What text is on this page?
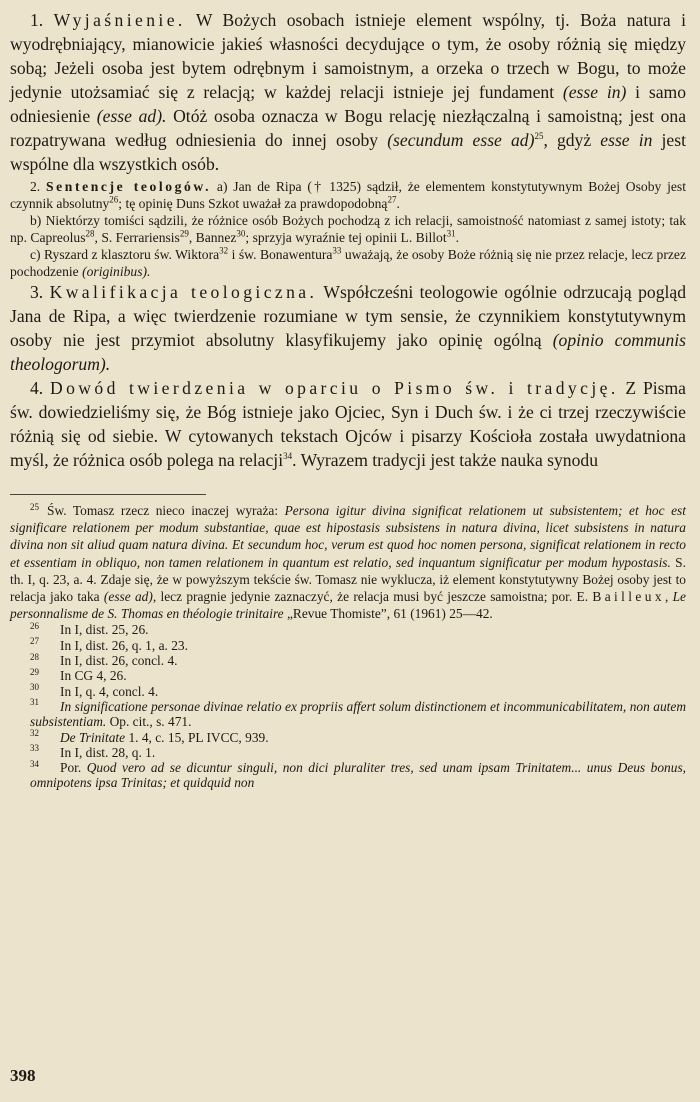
1. Wyjaśnienie. W Bożych osobach istnieje element wspólny, tj. Boża natura i wyodrębniający, mianowicie jakieś własności decydujące o tym, że osoby różnią się między sobą; Jeżeli osoba jest bytem odrębnym i samoistnym, a orzeka o trzech w Bogu, to może jedynie utożsamiać się z relacją; w każdej relacji istnieje jej fundament (esse in) i samo odniesienie (esse ad). Otóż osoba oznacza w Bogu relację niezłączalną i samoistną; jest ona rozpatrywana według odniesienia do innej osoby (secundum esse ad)$^{25}$, gdyż esse in jest wspólne dla wszystkich osób.

2. Sentencje teologów. a) Jan de Ripa († 1325) sądził, że elementem konstytutywnym Bożej Osoby jest czynnik absolutny$^{26}$; tę opinię Duns Szkot uważał za prawdopodobną$^{27}$.

b) Niektórzy tomiści sądzili, że różnice osób Bożych pochodzą z ich relacji, samoistność natomiast z samej istoty; tak np. Capreolus$^{28}$, S. Ferrariensis$^{29}$, Bannez$^{30}$; sprzyja wyraźnie tej opinii L. Billot$^{31}$.

c) Ryszard z klasztoru św. Wiktora$^{32}$ i św. Bonawentura$^{33}$ uważają, że osoby Boże różnią się nie przez relacje, lecz przez pochodzenie (originibus).

3. Kwalifikacja teologiczna. Współcześni teologowie ogólnie odrzucają pogląd Jana de Ripa, a więc twierdzenie rozumiane w tym sensie, że czynnikiem konstytutywnym osoby nie jest przymiot absolutny klasyfikujemy jako opinię ogólną (opinio communis theologorum).

4. Dowód twierdzenia w oparciu o Pismo św. i tradycję. Z Pisma św. dowiedzieliśmy się, że Bóg istnieje jako Ojciec, Syn i Duch św. i że ci trzej rzeczywiście różnią się od siebie. W cytowanych tekstach Ojców i pisarzy Kościoła została uwydatniona myśl, że różnica osób polega na relacji$^{34}$. Wyrazem tradycji jest także nauka synodu

$^{25}$ Św. Tomasz rzecz nieco inaczej wyraża: Persona igitur divina significat relationem ut subsistentem; et hoc est significare relationem per modum substantiae, quae est hipostasis subsistens in natura divina, licet subsistens in natura divina non sit aliud quam natura divina. Et secundum hoc, verum est quod hoc nomen persona, significat relationem in recto et essentiam in obliquo, non tamen relationem in quantum est relatio, sed inquantum significatur per modum hypostasis. S. th. I, q. 23, a. 4. Zdaje się, że w powyższym tekście św. Tomasz nie wyklucza, iż element konstytutywny Bożej osoby jest to relacja jako taka (esse ad), lecz pragnie jedynie zaznaczyć, że relacja musi być jeszcze samoistna; por. E. Bailleux, Le personnalisme de S. Thomas en théologie trinitaire „Revue Thomiste”, 61 (1961) 25—42.

26 In I, dist. 25, 26.
27 In I, dist. 26, q. 1, a. 23.
28 In I, dist. 26, concl. 4.
29 In CG 4, 26.
30 In I, q. 4, concl. 4.
31 In significatione personae divinae relatio ex propriis affert solum distinctionem et incommunicabilitatem, non autem subsistentiam. Op. cit., s. 471.
32 De Trinitate 1. 4, c. 15, PL IVCC, 939.
33 In I, dist. 28, q. 1.
34 Por. Quod vero ad se dicuntur singuli, non dici pluraliter tres, sed unam ipsam Trinitatem... unus Deus bonus, omnipotens ipsa Trinitas; et quidquid non
398
